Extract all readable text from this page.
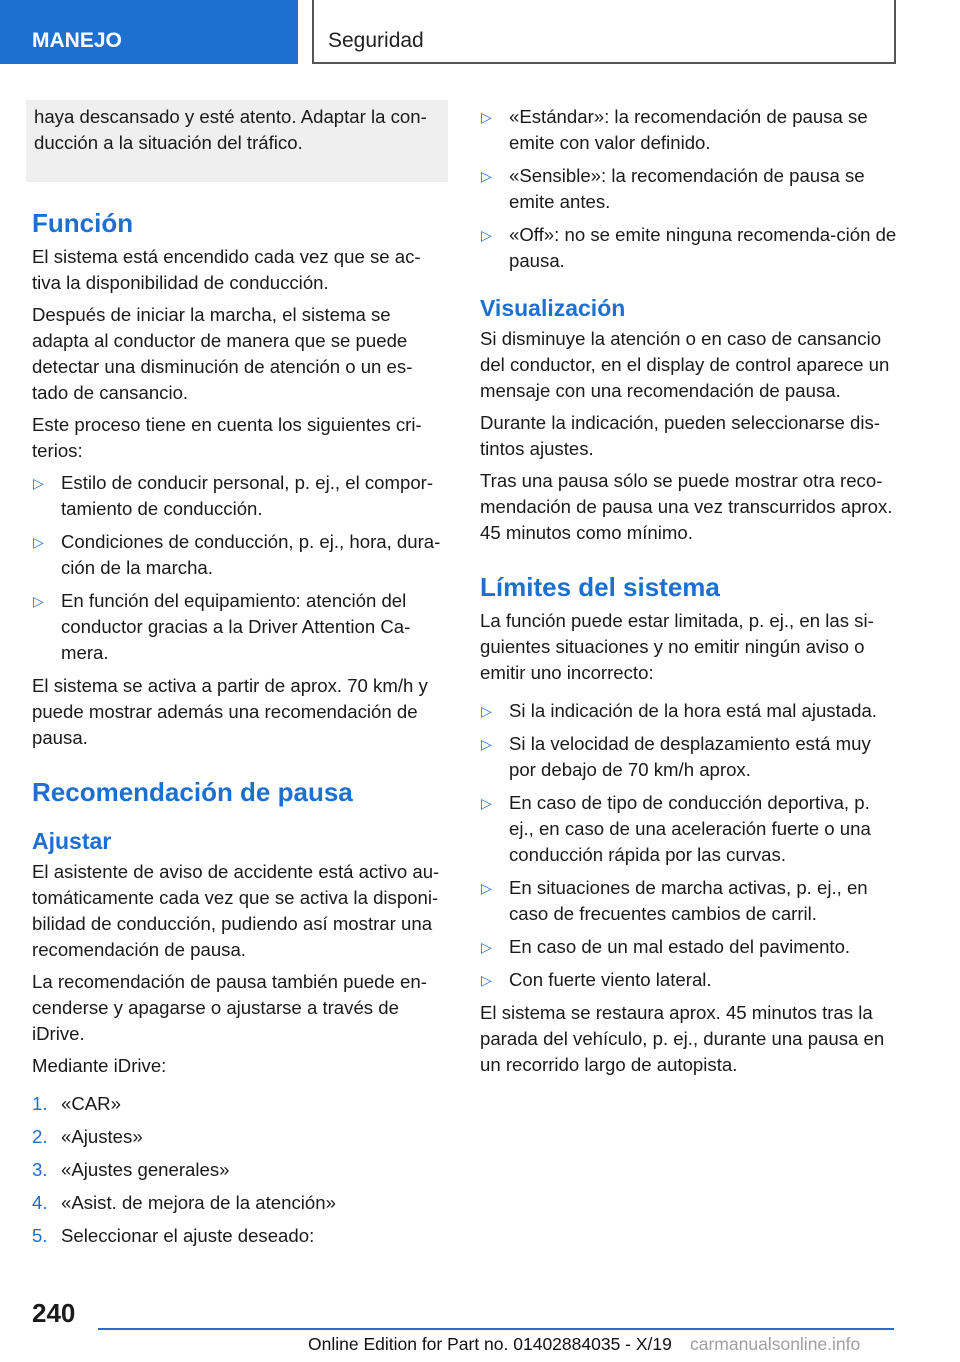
MANEJO	Seguridad
haya descansado y esté atento. Adaptar la con‐ducción a la situación del tráfico.
Función

El sistema está encendido cada vez que se ac‐tiva la disponibilidad de conducción.

Después de iniciar la marcha, el sistema se adapta al conductor de manera que se puede detectar una disminución de atención o un es‐tado de cansancio.

Este proceso tiene en cuenta los siguientes cri‐terios:

▷ Estilo de conducir personal, p. ej., el compor‐tamiento de conducción.
▷ Condiciones de conducción, p. ej., hora, dura‐ción de la marcha.
▷ En función del equipamiento: atención del conductor gracias a la Driver Attention Ca‐mera.

El sistema se activa a partir de aprox. 70 km/h y puede mostrar además una recomendación de pausa.

Recomendación de pausa
Ajustar

El asistente de aviso de accidente está activo au‐tomáticamente cada vez que se activa la disponi‐bilidad de conducción, pudiendo así mostrar una recomendación de pausa.

La recomendación de pausa también puede en‐cenderse y apagarse o ajustarse a través de iDrive.

Mediante iDrive:

1. «CAR»
2. «Ajustes»
3. «Ajustes generales»
4. «Asist. de mejora de la atención»
5. Seleccionar el ajuste deseado:
▷ «Estándar»: la recomendación de pausa se emite con valor definido.
▷ «Sensible»: la recomendación de pausa se emite antes.
▷ «Off»: no se emite ninguna recomenda‐ción de pausa.
Visualización

Si disminuye la atención o en caso de cansancio del conductor, en el display de control aparece un mensaje con una recomendación de pausa.

Durante la indicación, pueden seleccionarse dis‐tintos ajustes.

Tras una pausa sólo se puede mostrar otra reco‐mendación de pausa una vez transcurridos aprox. 45 minutos como mínimo.

Límites del sistema

La función puede estar limitada, p. ej., en las si‐guientes situaciones y no emitir ningún aviso o emitir uno incorrecto:

▷ Si la indicación de la hora está mal ajustada.
▷ Si la velocidad de desplazamiento está muy por debajo de 70 km/h aprox.
▷ En caso de tipo de conducción deportiva, p. ej., en caso de una aceleración fuerte o una conducción rápida por las curvas.
▷ En situaciones de marcha activas, p. ej., en caso de frecuentes cambios de carril.
▷ En caso de un mal estado del pavimento.
▷ Con fuerte viento lateral.

El sistema se restaura aprox. 45 minutos tras la parada del vehículo, p. ej., durante una pausa en un recorrido largo de autopista.

240
Online Edition for Part no. 01402884035 - X/19 carmanualsonline.info
